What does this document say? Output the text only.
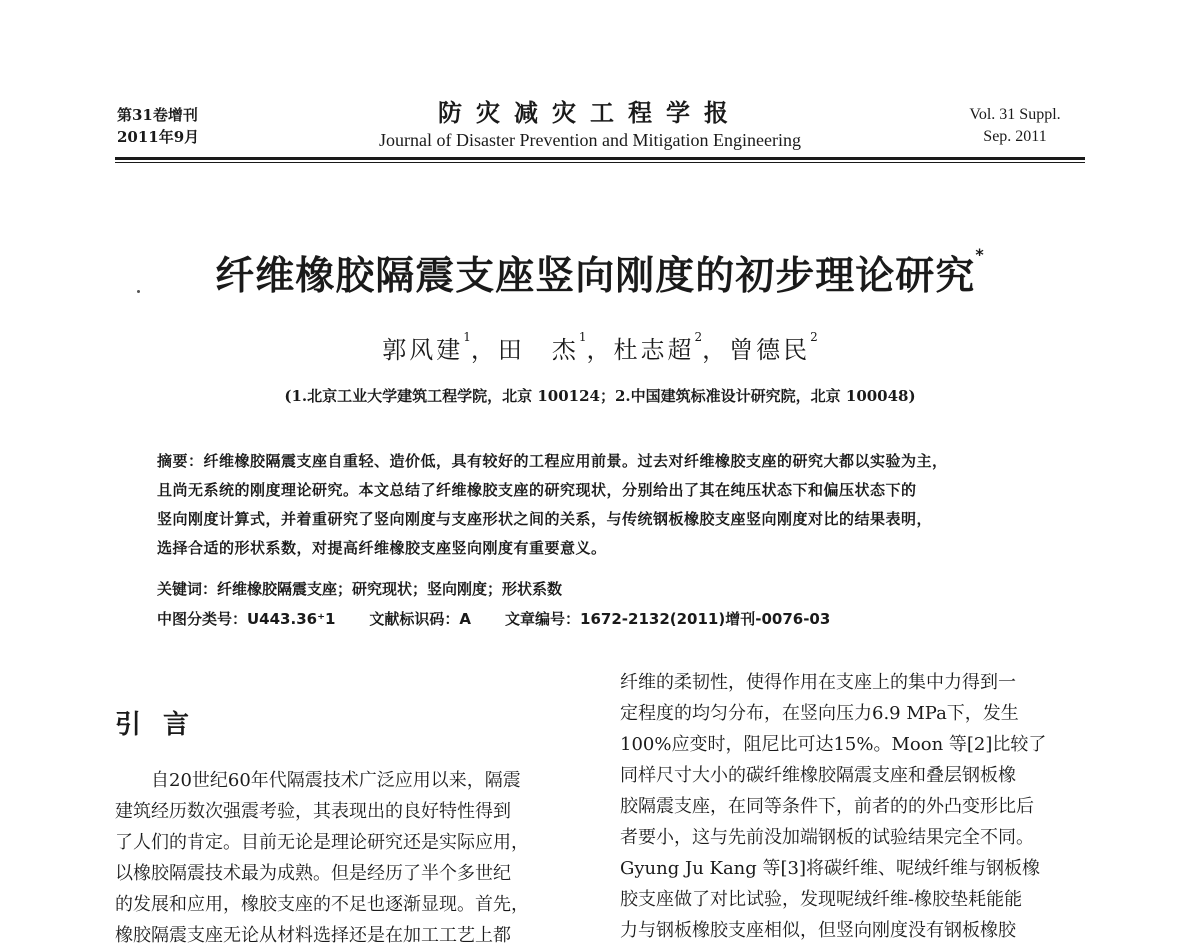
第31卷增刊
2011年9月
防灾减灾工程学报
Journal of Disaster Prevention and Mitigation Engineering
Vol. 31 Suppl.
Sep. 2011
纤维橡胶隔震支座竖向刚度的初步理论研究*
郭风建$^1$，田　杰$^1$，杜志超$^2$，曾德民$^2$
(1.北京工业大学建筑工程学院，北京 100124；2.中国建筑标准设计研究院，北京 100048)

摘要：纤维橡胶隔震支座自重轻、造价低，具有较好的工程应用前景。过去对纤维橡胶支座的研究大都以实验为主，

且尚无系统的刚度理论研究。本文总结了纤维橡胶支座的研究现状，分别给出了其在纯压状态下和偏压状态下的

竖向刚度计算式，并着重研究了竖向刚度与支座形状之间的关系，与传统钢板橡胶支座竖向刚度对比的结果表明，

选择合适的形状系数，对提高纤维橡胶支座竖向刚度有重要意义。

关键词：纤维橡胶隔震支座；研究现状；竖向刚度；形状系数
中图分类号：U443.36⁺1 文献标识码：A 文章编号：1672-2132(2011)增刊-0076-03
引言

自20世纪60年代隔震技术广泛应用以来，隔震

建筑经历数次强震考验，其表现出的良好特性得到

了人们的肯定。目前无论是理论研究还是实际应用，

以橡胶隔震技术最为成熟。但是经历了半个多世纪

的发展和应用，橡胶支座的不足也逐渐显现。首先，

橡胶隔震支座无论从材料选择还是在加工工艺上都

纤维的柔韧性，使得作用在支座上的集中力得到一

定程度的均匀分布，在竖向压力6.9 MPa下，发生

100%应变时，阻尼比可达15%。Moon 等[2]比较了

同样尺寸大小的碳纤维橡胶隔震支座和叠层钢板橡

胶隔震支座，在同等条件下，前者的的外凸变形比后

者要小，这与先前没加端钢板的试验结果完全不同。

Gyung Ju Kang 等[3]将碳纤维、呢绒纤维与钢板橡

胶支座做了对比试验，发现呢绒纤维-橡胶垫耗能能

力与钢板橡胶支座相似，但竖向刚度没有钢板橡胶
